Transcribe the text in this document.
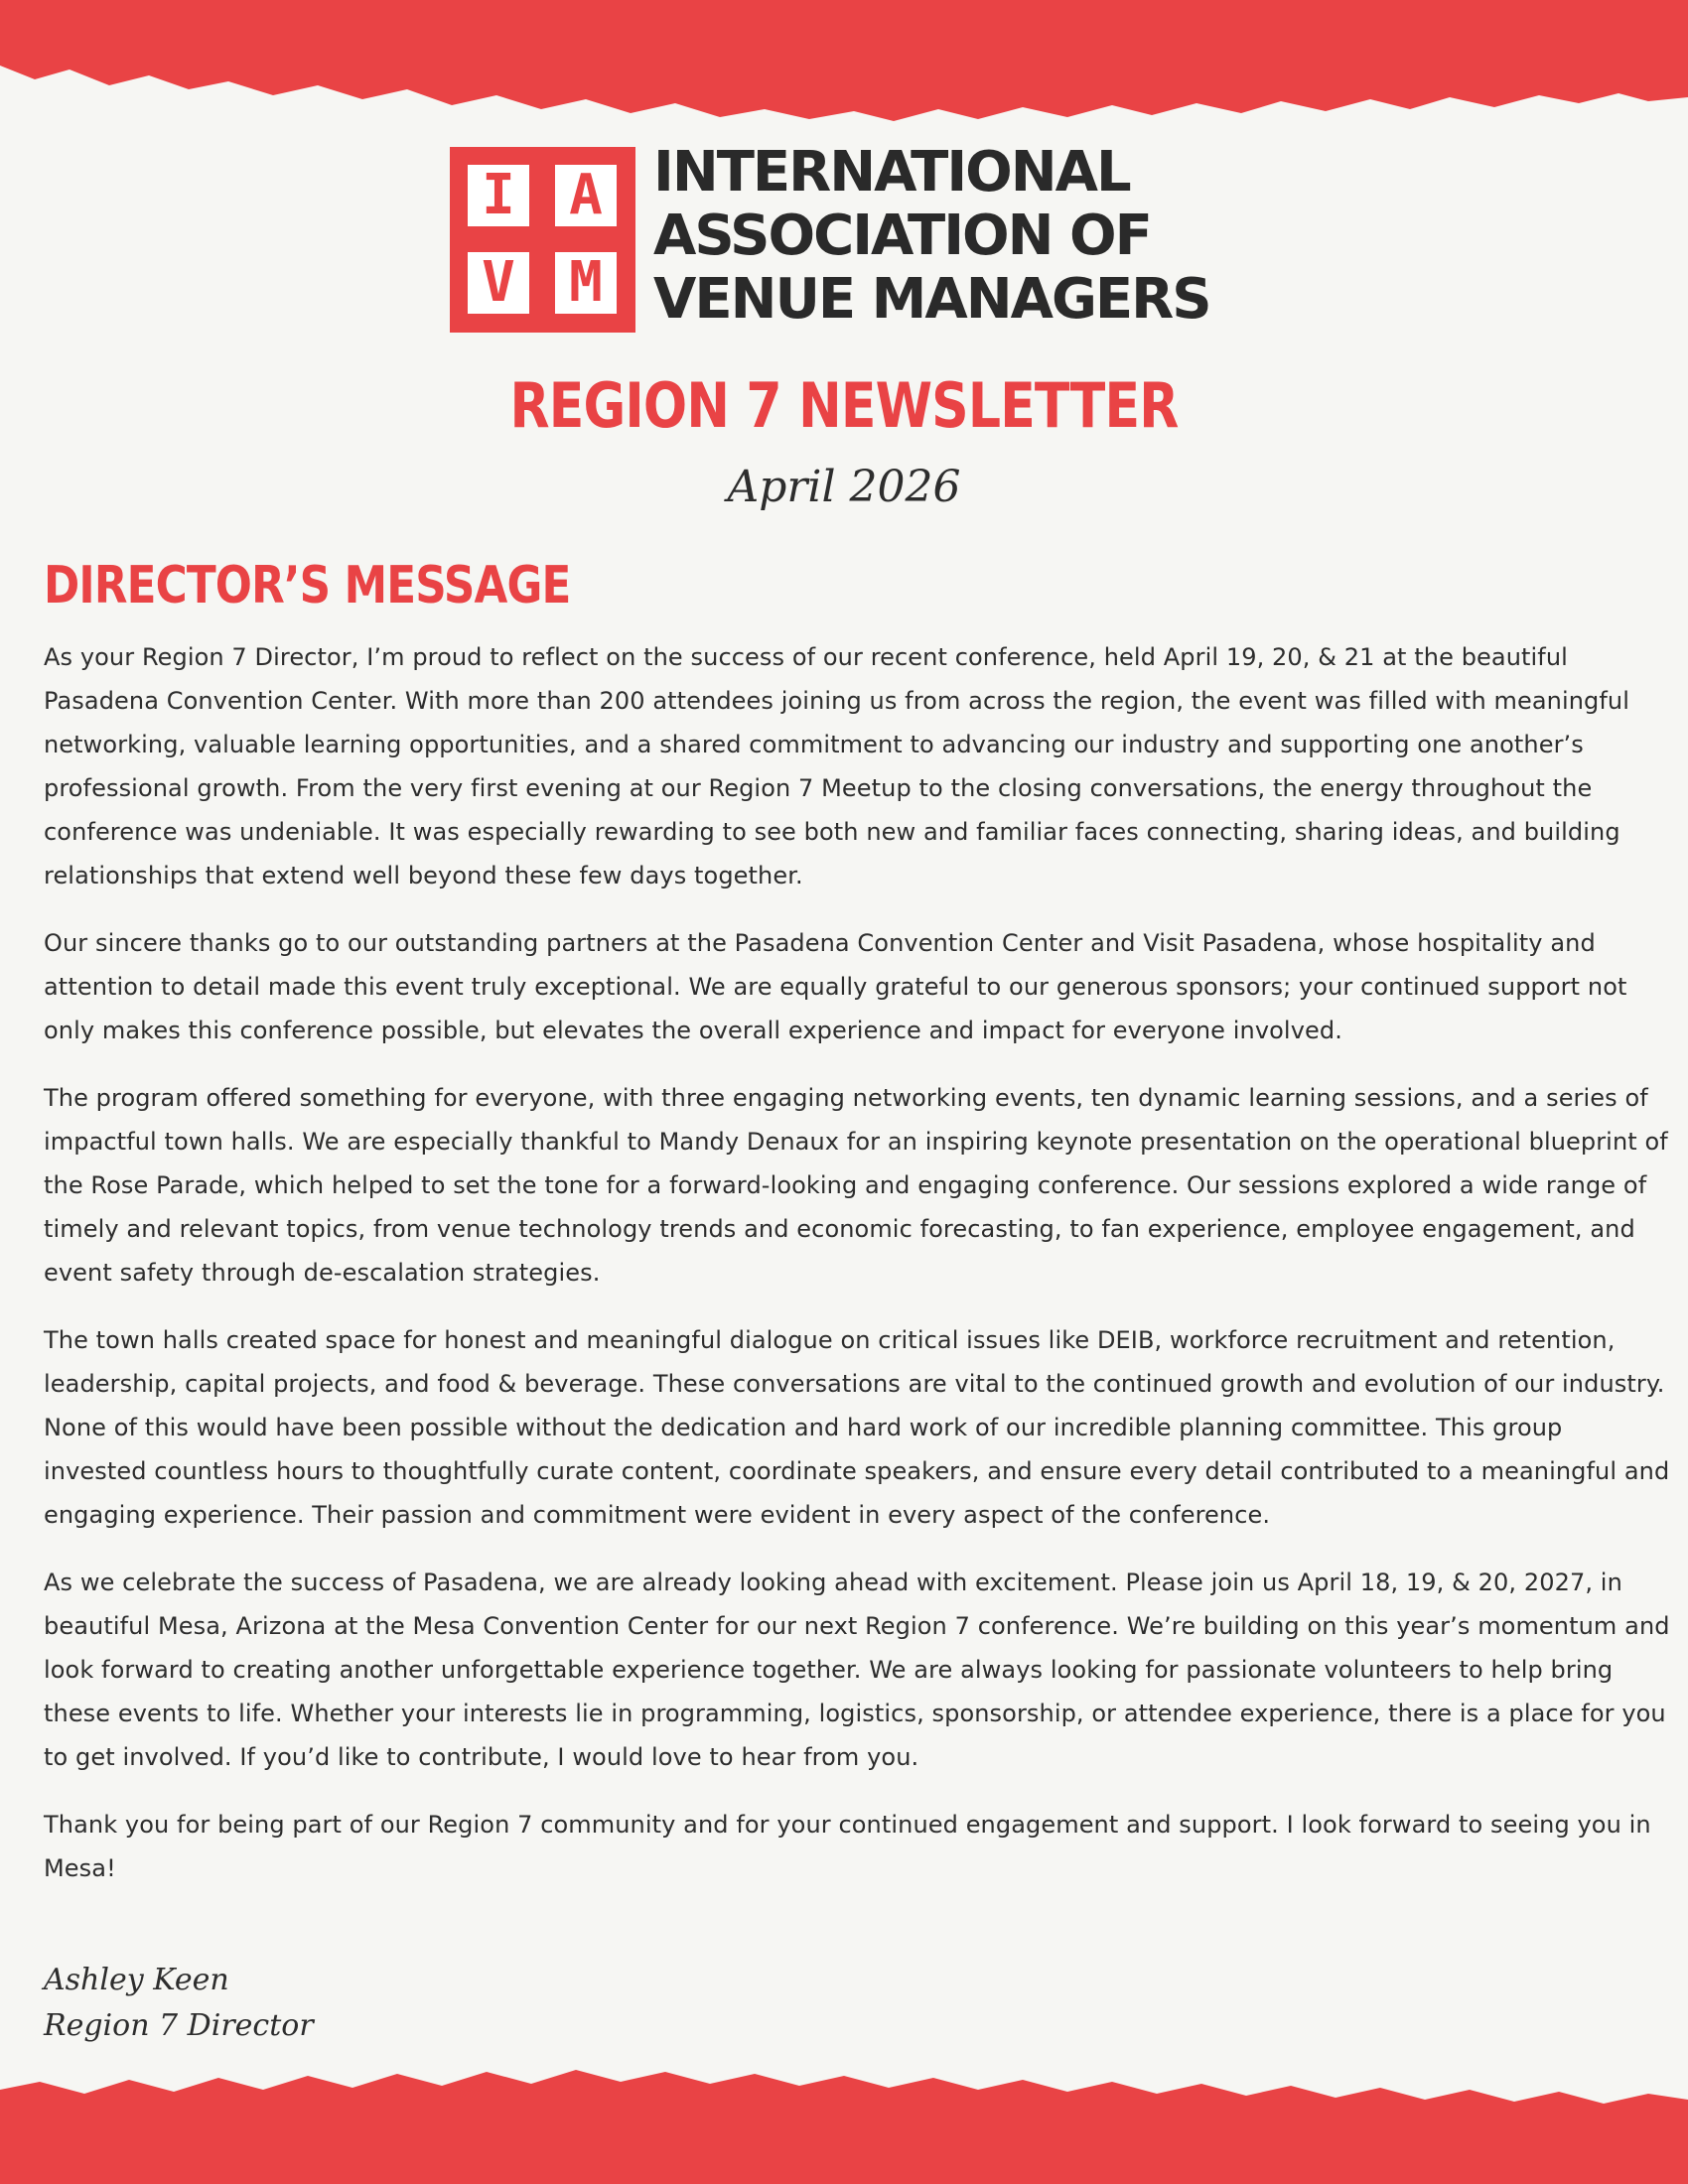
I A
V M
INTERNATIONAL
ASSOCIATION OF
VENUE MANAGERS
REGION 7 NEWSLETTER
April 2026
DIRECTOR’S MESSAGE

As your Region 7 Director, I’m proud to reflect on the success of our recent conference, held April 19, 20, & 21 at the beautiful Pasadena Convention Center. With more than 200 attendees joining us from across the region, the event was filled with meaningful networking, valuable learning opportunities, and a shared commitment to advancing our industry and supporting one another’s professional growth. From the very first evening at our Region 7 Meetup to the closing conversations, the energy throughout the conference was undeniable. It was especially rewarding to see both new and familiar faces connecting, sharing ideas, and building relationships that extend well beyond these few days together.

Our sincere thanks go to our outstanding partners at the Pasadena Convention Center and Visit Pasadena, whose hospitality and attention to detail made this event truly exceptional. We are equally grateful to our generous sponsors; your continued support not only makes this conference possible, but elevates the overall experience and impact for everyone involved.

The program offered something for everyone, with three engaging networking events, ten dynamic learning sessions, and a series of impactful town halls. We are especially thankful to Mandy Denaux for an inspiring keynote presentation on the operational blueprint of the Rose Parade, which helped to set the tone for a forward-looking and engaging conference. Our sessions explored a wide range of timely and relevant topics, from venue technology trends and economic forecasting, to fan experience, employee engagement, and event safety through de-escalation strategies.

The town halls created space for honest and meaningful dialogue on critical issues like DEIB, workforce recruitment and retention, leadership, capital projects, and food & beverage. These conversations are vital to the continued growth and evolution of our industry. None of this would have been possible without the dedication and hard work of our incredible planning committee. This group invested countless hours to thoughtfully curate content, coordinate speakers, and ensure every detail contributed to a meaningful and engaging experience. Their passion and commitment were evident in every aspect of the conference.

As we celebrate the success of Pasadena, we are already looking ahead with excitement. Please join us April 18, 19, & 20, 2027, in beautiful Mesa, Arizona at the Mesa Convention Center for our next Region 7 conference. We’re building on this year’s momentum and look forward to creating another unforgettable experience together. We are always looking for passionate volunteers to help bring these events to life. Whether your interests lie in programming, logistics, sponsorship, or attendee experience, there is a place for you to get involved. If you’d like to contribute, I would love to hear from you.

Thank you for being part of our Region 7 community and for your continued engagement and support. I look forward to seeing you in Mesa!

Ashley Keen
Region 7 Director
